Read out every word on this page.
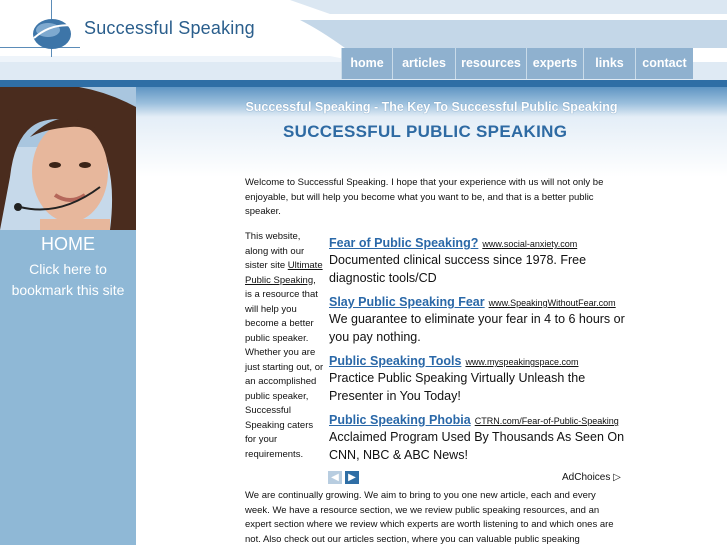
Successful Speaking
home	articles	resources experts	links	contact
HOME
Click here to bookmark this site
Successful Speaking - The Key To Successful Public Speaking
SUCCESSFUL PUBLIC SPEAKING
Welcome to Successful Speaking. I hope that your experience with us will not only be enjoyable, but will help you become what you want to be, and that is a better public speaker.
This website, along with our sister site Ultimate Public Speaking, is a resource that will help you become a better public speaker. Whether you are just starting out, or an accomplished public speaker, Successful Speaking caters for your requirements.
Fear of Public Speaking? www.social-anxiety.com
Documented clinical success since 1978. Free diagnostic tools/CD
Slay Public Speaking Fear www.SpeakingWithoutFear.com
We guarantee to eliminate your fear in 4 to 6 hours or you pay nothing.
Public Speaking Tools www.myspeakingspace.com
Practice Public Speaking Virtually Unleash the Presenter in You Today!
Public Speaking Phobia CTRN.com/Fear-of-Public-Speaking
Acclaimed Program Used By Thousands As Seen On CNN, NBC & ABC News!
◀ ▶	AdChoices ▷
We are continually growing. We aim to bring to you one new article, each and every week. We have a resource section, we we review public speaking resources, and an expert section where we review which experts are worth listening to and which ones are not. Also check out our articles section, where you can valuable public speaking
